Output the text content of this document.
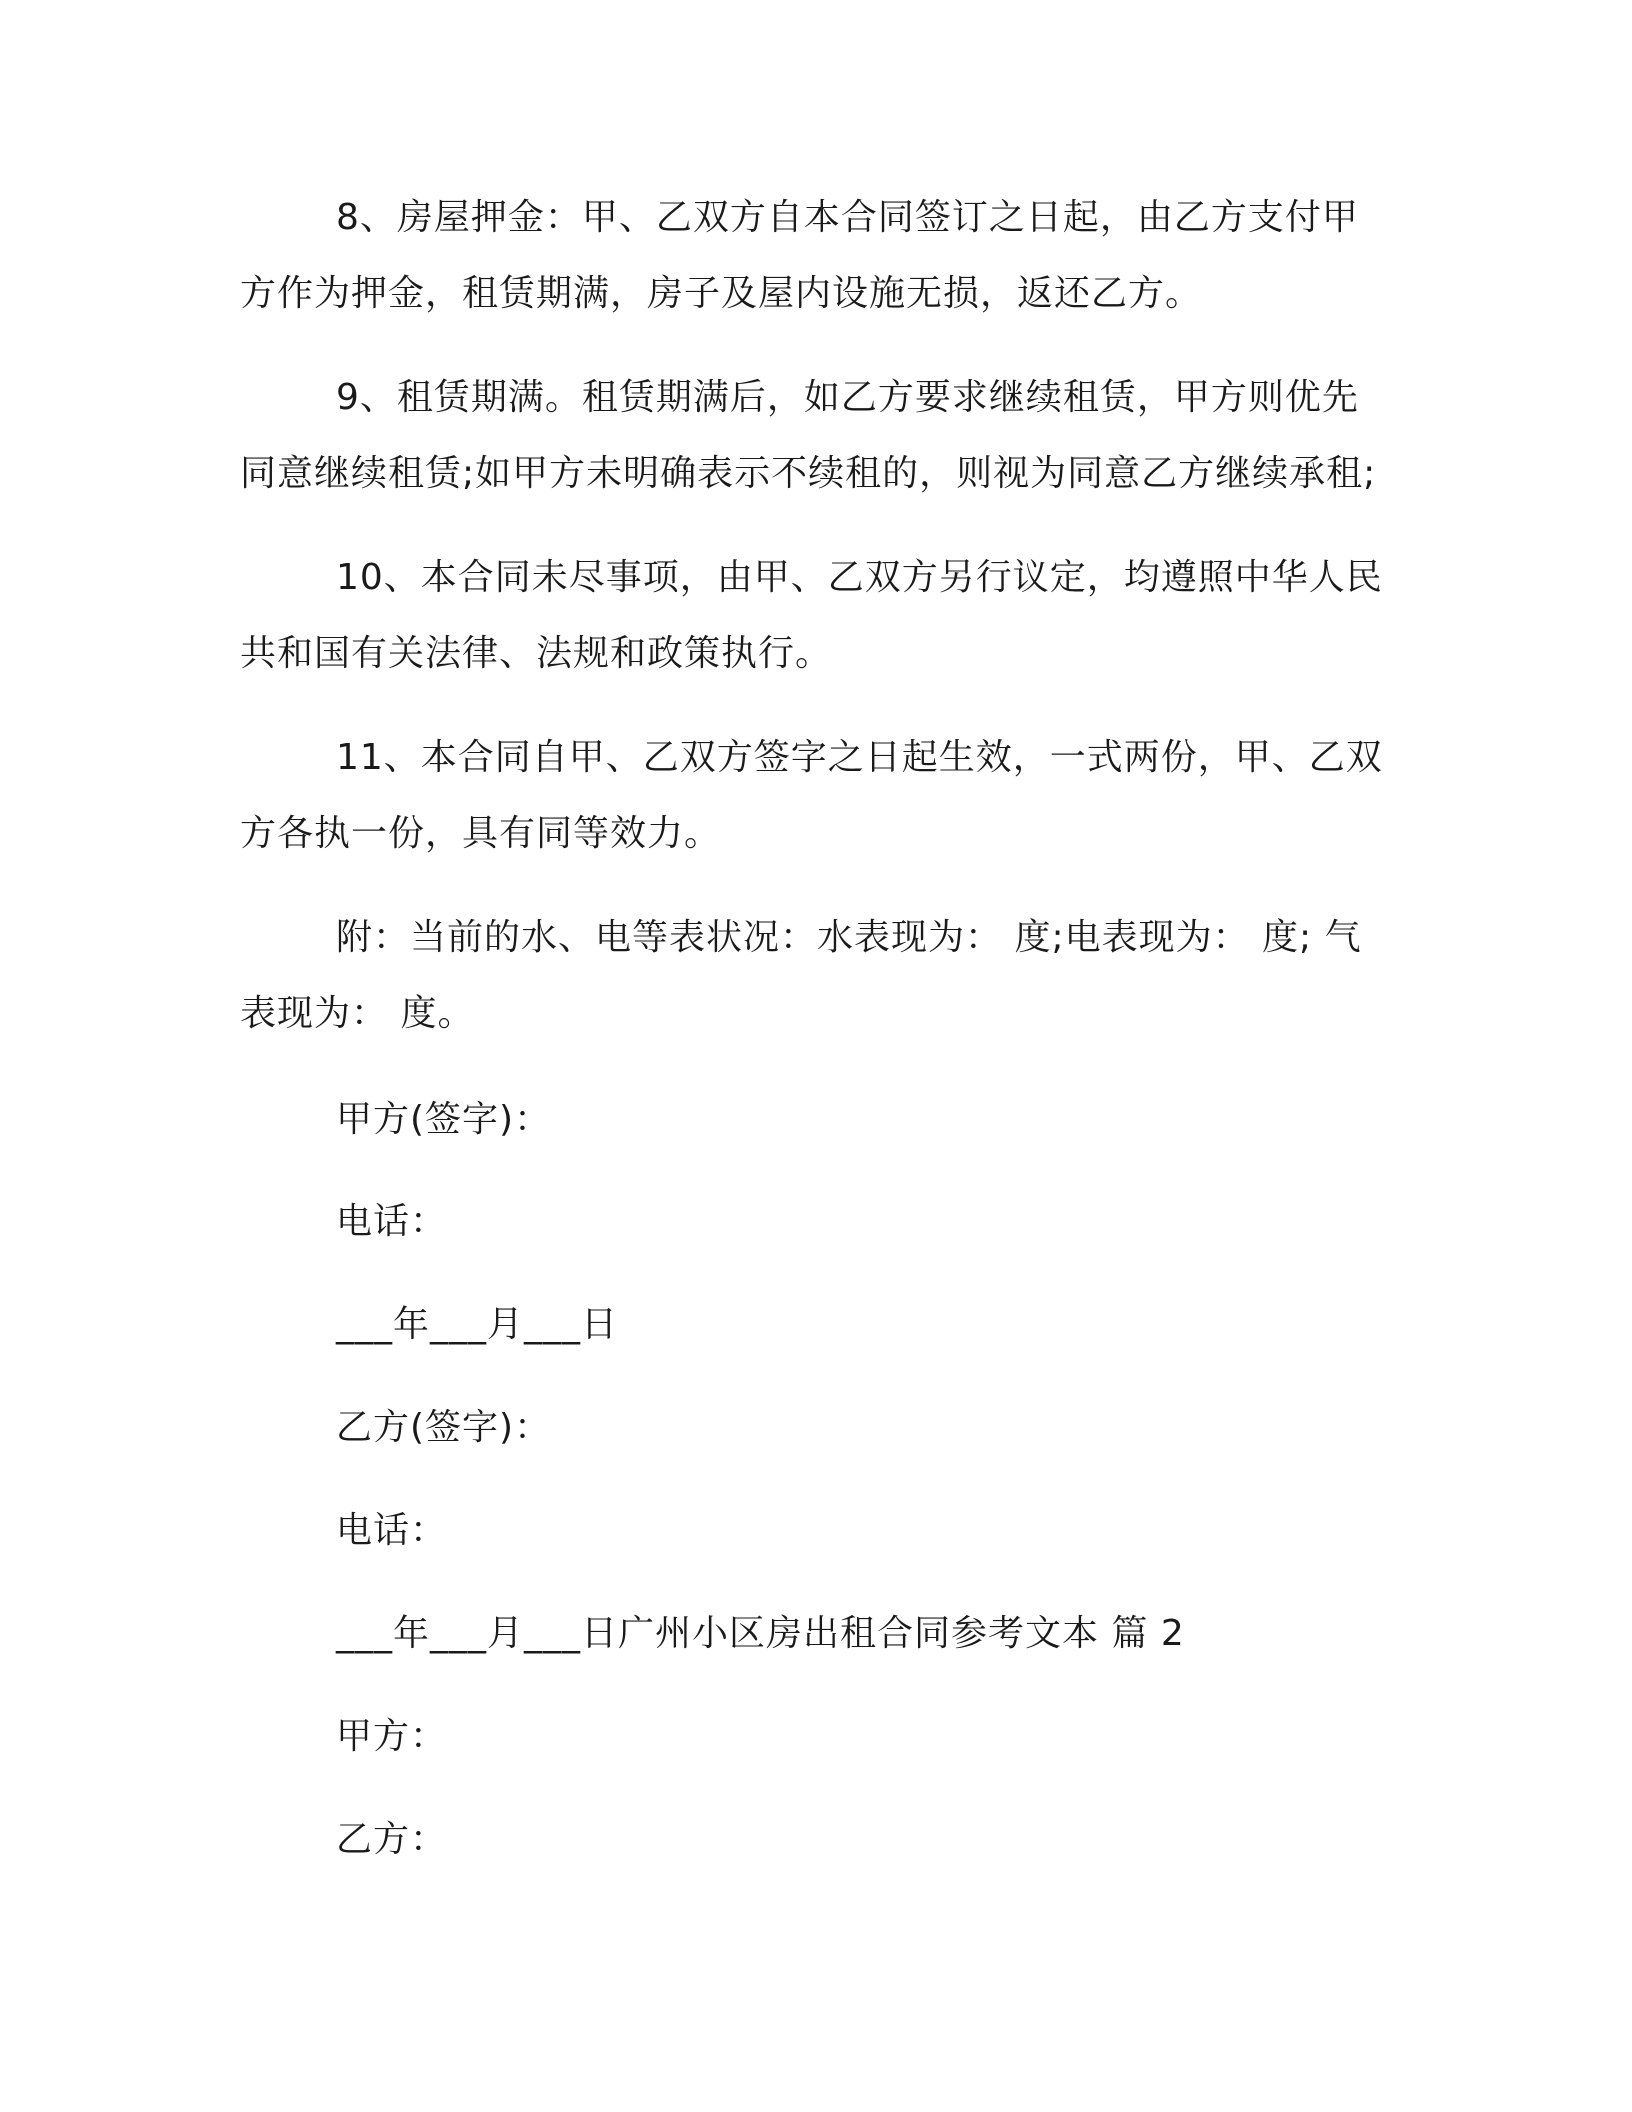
8、房屋押金：甲、乙双方自本合同签订之日起，由乙方支付甲方作为押金，租赁期满，房子及屋内设施无损，返还乙方。

9、租赁期满。租赁期满后，如乙方要求继续租赁，甲方则优先同意继续租赁;如甲方未明确表示不续租的，则视为同意乙方继续承租;

10、本合同未尽事项，由甲、乙双方另行议定，均遵照中华人民共和国有关法律、法规和政策执行。

11、本合同自甲、乙双方签字之日起生效，一式两份，甲、乙双方各执一份，具有同等效力。

附：当前的水、电等表状况：水表现为： 度;电表现为： 度; 气表现为： 度。

甲方(签字)：
电话：
___年___月___日
乙方(签字)：
电话：
___年___月___日广州小区房出租合同参考文本 篇 2
甲方：
乙方：
